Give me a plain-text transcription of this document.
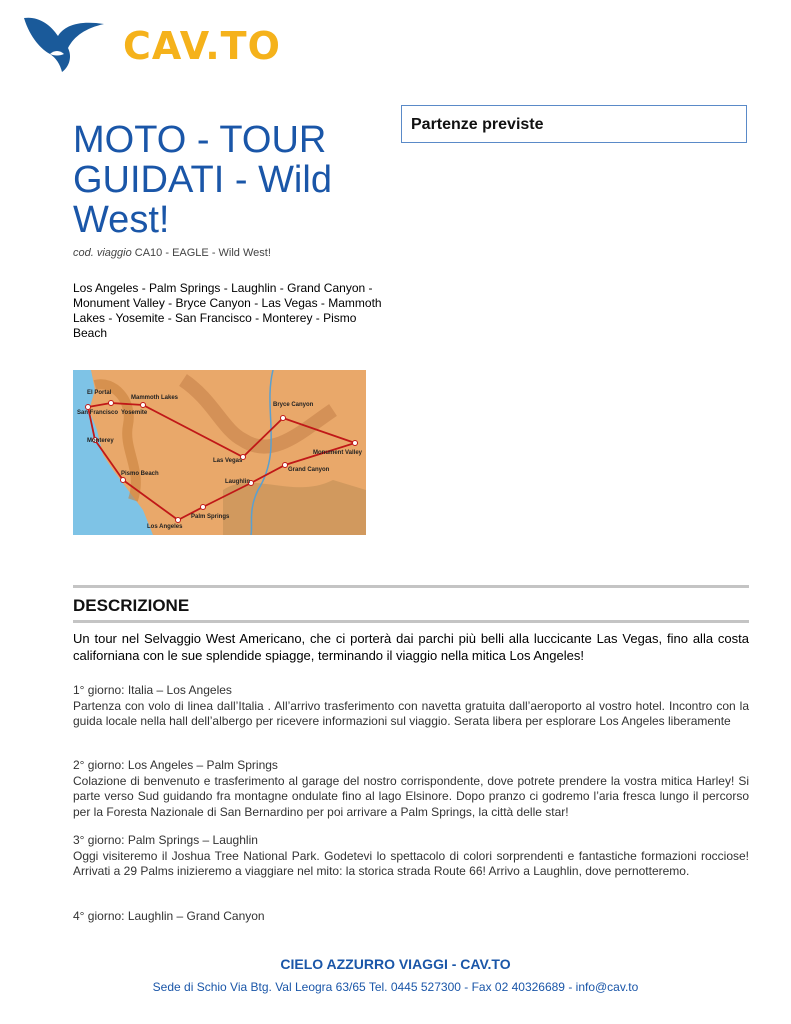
CAV.TO
MOTO - TOUR GUIDATI - Wild West!
cod. viaggio CA10 - EAGLE - Wild West!
Los Angeles - Palm Springs - Laughlin - Grand Canyon - Monument Valley - Bryce Canyon - Las Vegas - Mammoth Lakes - Yosemite - San Francisco - Monterey - Pismo Beach
El Portal
Mammoth Lakes
San Francisco Yosemite
Bryce Canyon
Monterey
Las Vegas
Monument Valley
Grand Canyon
Laughlin
Pismo Beach
Palm Springs
Los Angeles
Partenze previste
DESCRIZIONE
Un tour nel Selvaggio West Americano, che ci porterà dai parchi più belli alla luccicante Las Vegas, fino alla costa californiana con le sue splendide spiagge, terminando il viaggio nella mitica Los Angeles!
1° giorno: Italia – Los Angeles
Partenza con volo di linea dall’Italia . All’arrivo trasferimento con navetta gratuita dall’aeroporto al vostro hotel. Incontro con la guida locale nella hall dell’albergo per ricevere informazioni sul viaggio. Serata libera per esplorare Los Angeles liberamente
2° giorno: Los Angeles – Palm Springs
Colazione di benvenuto e trasferimento al garage del nostro corrispondente, dove potrete prendere la vostra mitica Harley! Si parte verso Sud guidando fra montagne ondulate fino al lago Elsinore. Dopo pranzo ci godremo l’aria fresca lungo il percorso per la Foresta Nazionale di San Bernardino per poi arrivare a Palm Springs, la città delle star!
3° giorno: Palm Springs – Laughlin
Oggi visiteremo il Joshua Tree National Park. Godetevi lo spettacolo di colori sorprendenti e fantastiche formazioni rocciose! Arrivati a 29 Palms inizieremo a viaggiare nel mito: la storica strada Route 66! Arrivo a Laughlin, dove pernotteremo.
4° giorno: Laughlin – Grand Canyon
CIELO AZZURRO VIAGGI - CAV.TO
Sede di Schio Via Btg. Val Leogra 63/65 Tel. 0445 527300 - Fax 02 40326689 - info@cav.to
